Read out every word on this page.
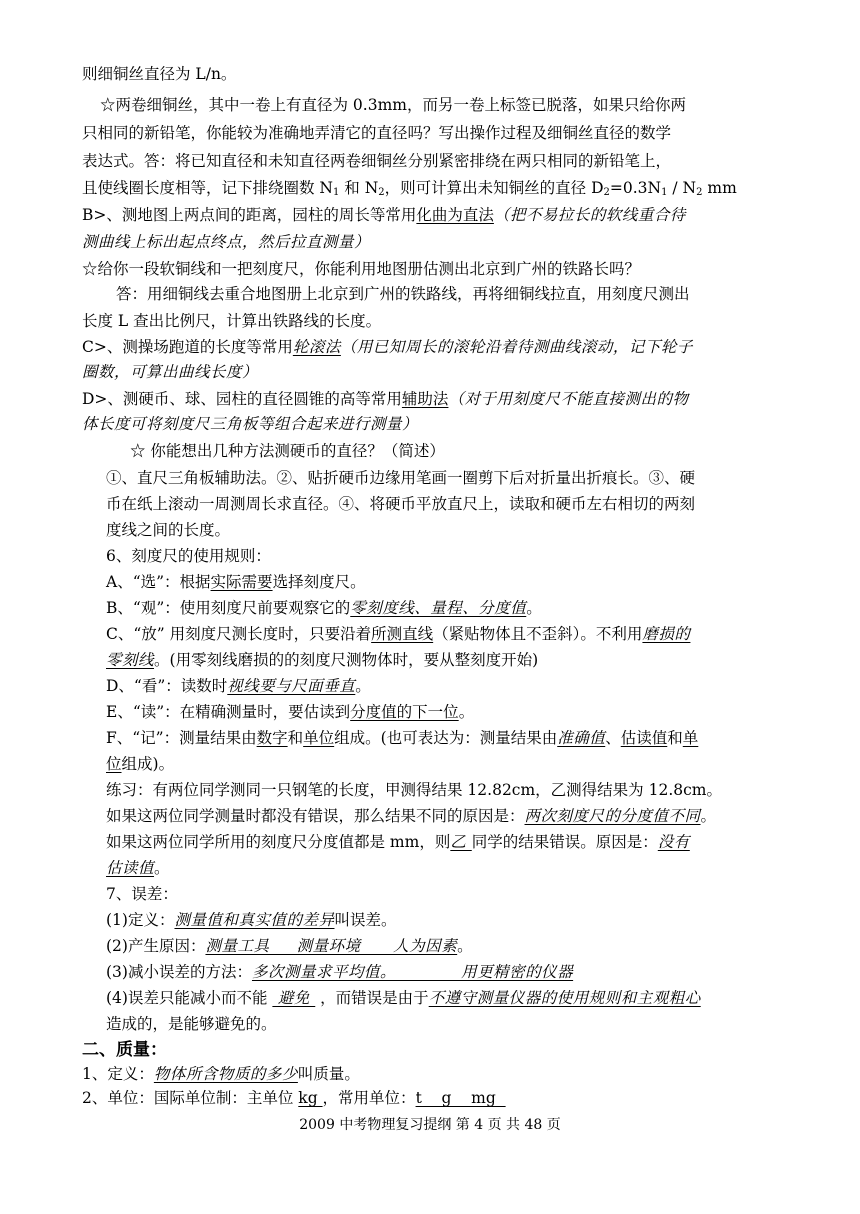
则细铜丝直径为 L/n。
☆两卷细铜丝，其中一卷上有直径为 0.3mm，而另一卷上标签已脱落，如果只给你两
只相同的新铅笔，你能较为准确地弄清它的直径吗？写出操作过程及细铜丝直径的数学
表达式。答：将已知直径和未知直径两卷细铜丝分别紧密排绕在两只相同的新铅笔上，
且使线圈长度相等，记下排绕圈数 $N_1$ 和 $N_2$，则可计算出未知铜丝的直径 $D_2=0.3N_1 / N_2$ mm
B>、测地图上两点间的距离，园柱的周长等常用化曲为直法（把不易拉长的软线重合待
测曲线上标出起点终点，然后拉直测量）
☆给你一段软铜线和一把刻度尺，你能利用地图册估测出北京到广州的铁路长吗？
答：用细铜线去重合地图册上北京到广州的铁路线，再将细铜线拉直，用刻度尺测出
长度 L 查出比例尺，计算出铁路线的长度。
C>、测操场跑道的长度等常用轮滚法（用已知周长的滚轮沿着待测曲线滚动，记下轮子
圈数，可算出曲线长度）
D>、测硬币、球、园柱的直径圆锥的高等常用辅助法（对于用刻度尺不能直接测出的物
体长度可将刻度尺三角板等组合起来进行测量）
☆ 你能想出几种方法测硬币的直径？（简述）
①、直尺三角板辅助法。②、贴折硬币边缘用笔画一圈剪下后对折量出折痕长。③、硬
币在纸上滚动一周测周长求直径。④、将硬币平放直尺上，读取和硬币左右相切的两刻
度线之间的长度。
6、刻度尺的使用规则：
A、“选”：根据实际需要选择刻度尺。
B、“观”：使用刻度尺前要观察它的零刻度线、量程、分度值。
C、“放” 用刻度尺测长度时，只要沿着所测直线（紧贴物体且不歪斜）。不利用磨损的
零刻线。(用零刻线磨损的的刻度尺测物体时，要从整刻度开始)
D、“看”：读数时视线要与尺面垂直。
E、“读”：在精确测量时，要估读到分度值的下一位。
F、“记”：测量结果由数字和单位组成。(也可表达为：测量结果由准确值、估读值和单
位组成)。
练习：有两位同学测同一只钢笔的长度，甲测得结果 12.82cm，乙测得结果为 12.8cm。
如果这两位同学测量时都没有错误，那么结果不同的原因是：两次刻度尺的分度值不同。
如果这两位同学所用的刻度尺分度值都是 mm，则乙 同学的结果错误。原因是：没有
估读值。
7、误差：
(1)定义：测量值和真实值的差异叫误差。
(2)产生原因：测量工具     测量环境      人为因素。
(3)减小误差的方法：多次测量求平均值。            用更精密的仪器
(4)误差只能减小而不能  避免  ，而错误是由于不遵守测量仪器的使用规则和主观粗心
造成的，是能够避免的。
二、质量：
1、定义：物体所含物质的多少叫质量。
2、单位：国际单位制：主单位 kg ，常用单位：t    g    mg
2009 中考物理复习提纲 第 4 页 共 48 页
